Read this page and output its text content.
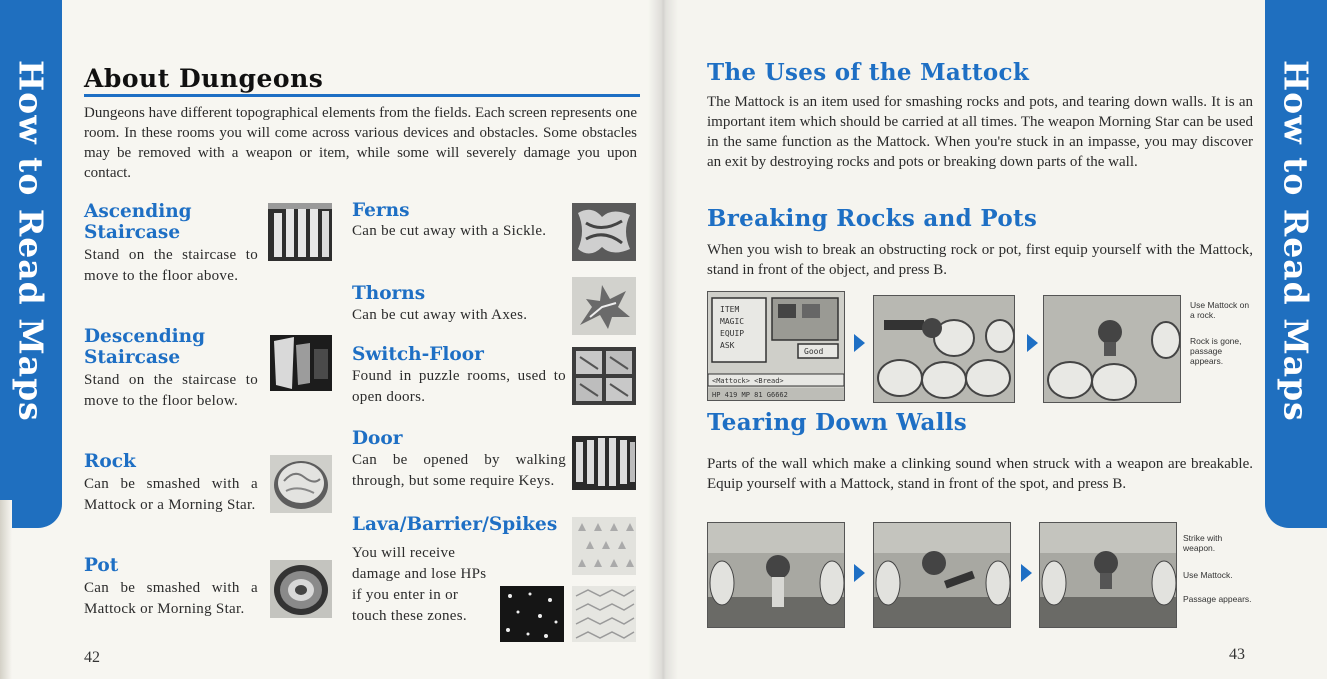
How to Read Maps About Dungeons
Dungeons have different topographical elements from the fields. Each screen represents one room. In these rooms you will come across various devices and obstacles. Some obstacles may be removed with a weapon or item, while some will severely damage you upon contact.
Ascending
Staircase
Stand on the staircase to move to the floor above.
Descending
Staircase
Stand on the staircase to move to the floor below.
Rock
Can be smashed with a Mattock or a Morning Star.
Pot
Can be smashed with a Mattock or Morning Star.
Ferns
Can be cut away with a Sickle.
Thorns
Can be cut away with Axes.
Switch-Floor
Found in puzzle rooms, used to open doors.
Door
Can be opened by walking through, but some require Keys.
Lava/Barrier/Spikes
You will receive damage and lose HPs if you enter in or touch these zones.
42
How to Read Maps
The Uses of the Mattock
The Mattock is an item used for smashing rocks and pots, and tearing down walls. It is an important item which should be carried at all times. The weapon Morning Star can be used in the same function as the Mattock. When you're stuck in an impasse, you may discover an exit by destroying rocks and pots or breaking down parts of the wall.
Breaking Rocks and Pots
When you wish to break an obstructing rock or pot, first equip yourself with the Mattock, stand in front of the object, and press B.
ITEM
MAGIC
EQUIP
ASK
Good
<Mattock> <Bread>
HP 419 MP 81 G6662
Use Mattock on a rock.
Rock is gone, passage appears.
Tearing Down Walls
Parts of the wall which make a clinking sound when struck with a weapon are breakable. Equip yourself with a Mattock, stand in front of the spot, and press B.
Strike with weapon.
Use Mattock.
Passage appears.
43
